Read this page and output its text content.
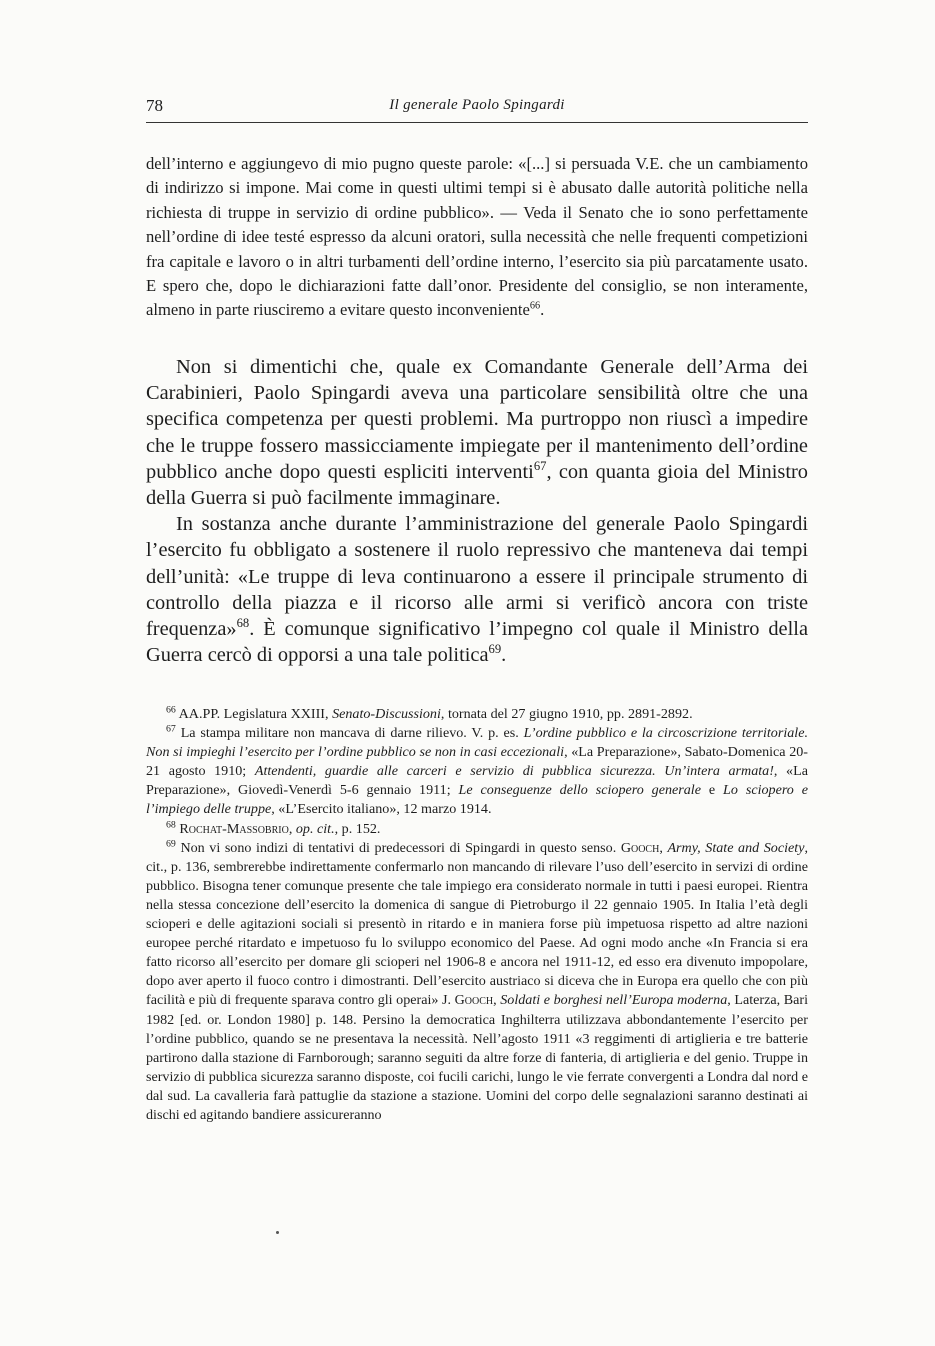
78	Il generale Paolo Spingardi

dell’interno e aggiungevo di mio pugno queste parole: «[...] si persuada V.E. che un cambiamento di indirizzo si impone. Mai come in questi ultimi tempi si è abusato dalle autorità politiche nella richiesta di truppe in servizio di ordine pubblico». — Veda il Senato che io sono perfettamente nell’ordine di idee testé espresso da alcuni oratori, sulla necessità che nelle frequenti competizioni fra capitale e lavoro o in altri turbamenti dell’ordine interno, l’esercito sia più parcatamente usato. E spero che, dopo le dichiarazioni fatte dall’onor. Presidente del consiglio, se non interamente, almeno in parte riusciremo a evitare questo inconveniente$^{66}$.

Non si dimentichi che, quale ex Comandante Generale dell’Arma dei Carabinieri, Paolo Spingardi aveva una particolare sensibilità oltre che una specifica competenza per questi problemi. Ma purtroppo non riuscì a impedire che le truppe fossero massicciamente impiegate per il mantenimento dell’ordine pubblico anche dopo questi espliciti interventi$^{67}$, con quanta gioia del Ministro della Guerra si può facilmente immaginare.

In sostanza anche durante l’amministrazione del generale Paolo Spingardi l’esercito fu obbligato a sostenere il ruolo repressivo che manteneva dai tempi dell’unità: «Le truppe di leva continuarono a essere il principale strumento di controllo della piazza e il ricorso alle armi si verificò ancora con triste frequenza»$^{68}$. È comunque significativo l’impegno col quale il Ministro della Guerra cercò di opporsi a una tale politica$^{69}$.

$^{66}$ AA.PP. Legislatura XXIII, Senato-Discussioni, tornata del 27 giugno 1910, pp. 2891-2892.

$^{67}$ La stampa militare non mancava di darne rilievo. V. p. es. L’ordine pubblico e la circoscrizione territoriale. Non si impieghi l’esercito per l’ordine pubblico se non in casi eccezionali, «La Preparazione», Sabato-Domenica 20-21 agosto 1910; Attendenti, guardie alle carceri e servizio di pubblica sicurezza. Un’intera armata!, «La Preparazione», Giovedì-Venerdì 5-6 gennaio 1911; Le conseguenze dello sciopero generale e Lo sciopero e l’impiego delle truppe, «L’Esercito italiano», 12 marzo 1914.

$^{68}$ Rochat-Massobrio, op. cit., p. 152.

$^{69}$ Non vi sono indizi di tentativi di predecessori di Spingardi in questo senso. Gooch, Army, State and Society, cit., p. 136, sembrerebbe indirettamente confermarlo non mancando di rilevare l’uso dell’esercito in servizi di ordine pubblico. Bisogna tener comunque presente che tale impiego era considerato normale in tutti i paesi europei. Rientra nella stessa concezione dell’esercito la domenica di sangue di Pietroburgo il 22 gennaio 1905. In Italia l’età degli scioperi e delle agitazioni sociali si presentò in ritardo e in maniera forse più impetuosa rispetto ad altre nazioni europee perché ritardato e impetuoso fu lo sviluppo economico del Paese. Ad ogni modo anche «In Francia si era fatto ricorso all’esercito per domare gli scioperi nel 1906-8 e ancora nel 1911-12, ed esso era divenuto impopolare, dopo aver aperto il fuoco contro i dimostranti. Dell’esercito austriaco si diceva che in Europa era quello che con più facilità e più di frequente sparava contro gli operai» J. Gooch, Soldati e borghesi nell’Europa moderna, Laterza, Bari 1982 [ed. or. London 1980] p. 148. Persino la democratica Inghilterra utilizzava abbondantemente l’esercito per l’ordine pubblico, quando se ne presentava la necessità. Nell’agosto 1911 «3 reggimenti di artiglieria e tre batterie partirono dalla stazione di Farnborough; saranno seguiti da altre forze di fanteria, di artiglieria e del genio. Truppe in servizio di pubblica sicurezza saranno disposte, coi fucili carichi, lungo le vie ferrate convergenti a Londra dal nord e dal sud. La cavalleria farà pattuglie da stazione a stazione. Uomini del corpo delle segnalazioni saranno destinati ai dischi ed agitando bandiere assicureranno
